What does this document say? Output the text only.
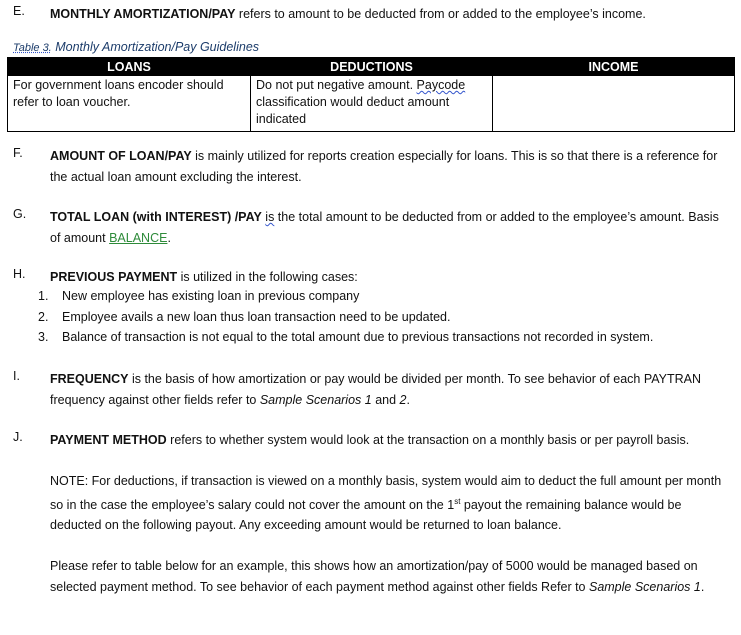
E. MONTHLY AMORTIZATION/PAY refers to amount to be deducted from or added to the employee’s income.
Table 3. Monthly Amortization/Pay Guidelines
LOANS	DEDUCTIONS	INCOME
For government loans encoder should refer to loan voucher.	Do not put negative amount. Paycode classification would deduct amount indicated	
F. AMOUNT OF LOAN/PAY is mainly utilized for reports creation especially for loans. This is so that there is a reference for the actual loan amount excluding the interest.
G. TOTAL LOAN (with INTEREST) /PAY is the total amount to be deducted from or added to the employee’s amount. Basis of amount BALANCE.
H. PREVIOUS PAYMENT is utilized in the following cases:
1. New employee has existing loan in previous company
2. Employee avails a new loan thus loan transaction need to be updated.
3. Balance of transaction is not equal to the total amount due to previous transactions not recorded in system.
I. FREQUENCY is the basis of how amortization or pay would be divided per month. To see behavior of each PAYTRAN frequency against other fields refer to Sample Scenarios 1 and 2.
J. PAYMENT METHOD refers to whether system would look at the transaction on a monthly basis or per payroll basis.

NOTE: For deductions, if transaction is viewed on a monthly basis, system would aim to deduct the full amount per month so in the case the employee’s salary could not cover the amount on the 1st payout the remaining balance would be deducted on the following payout. Any exceeding amount would be returned to loan balance.

Please refer to table below for an example, this shows how an amortization/pay of 5000 would be managed based on selected payment method. To see behavior of each payment method against other fields Refer to Sample Scenarios 1.
